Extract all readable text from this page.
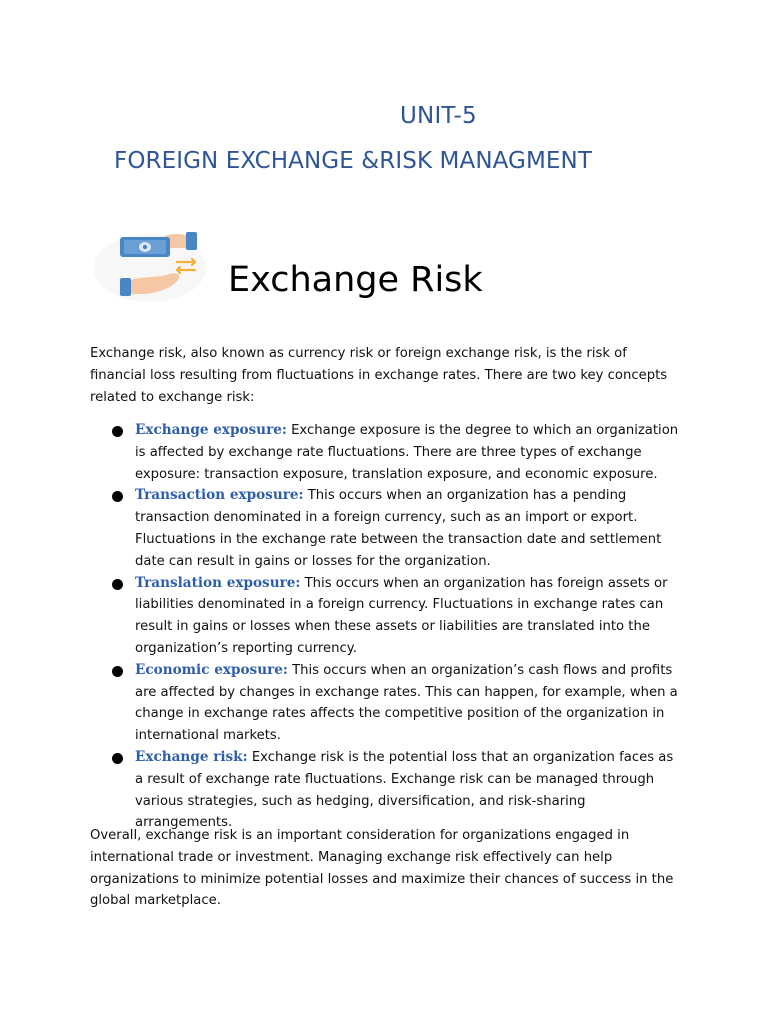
UNIT-5
FOREIGN EXCHANGE &RISK MANAGMENT
Exchange Risk

Exchange risk, also known as currency risk or foreign exchange risk, is the risk of financial loss resulting from fluctuations in exchange rates. There are two key concepts related to exchange risk:

Exchange exposure: Exchange exposure is the degree to which an organization is affected by exchange rate fluctuations. There are three types of exchange exposure: transaction exposure, translation exposure, and economic exposure.
Transaction exposure: This occurs when an organization has a pending transaction denominated in a foreign currency, such as an import or export. Fluctuations in the exchange rate between the transaction date and settlement date can result in gains or losses for the organization.
Translation exposure: This occurs when an organization has foreign assets or liabilities denominated in a foreign currency. Fluctuations in exchange rates can result in gains or losses when these assets or liabilities are translated into the organization’s reporting currency.
Economic exposure: This occurs when an organization’s cash flows and profits are affected by changes in exchange rates. This can happen, for example, when a change in exchange rates affects the competitive position of the organization in international markets.
Exchange risk: Exchange risk is the potential loss that an organization faces as a result of exchange rate fluctuations. Exchange risk can be managed through various strategies, such as hedging, diversification, and risk-sharing arrangements.

Overall, exchange risk is an important consideration for organizations engaged in international trade or investment. Managing exchange risk effectively can help organizations to minimize potential losses and maximize their chances of success in the global marketplace.
